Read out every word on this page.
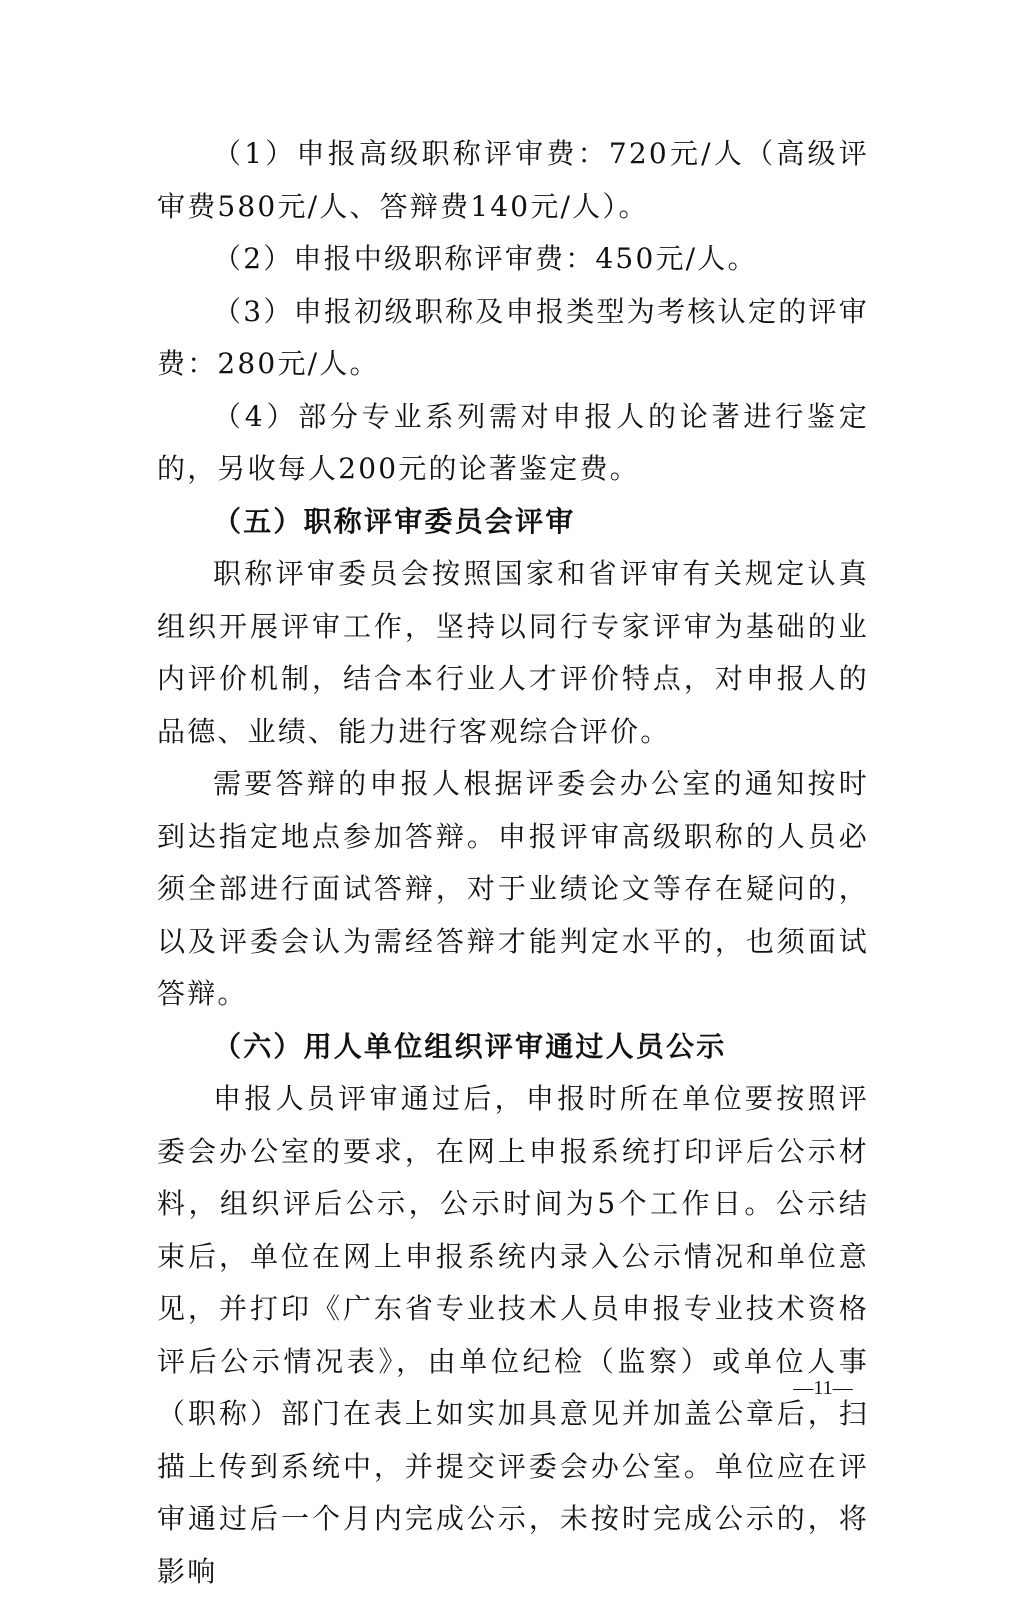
（1）申报高级职称评审费：720元/人（高级评审费580元/人、答辩费140元/人）。

（2）申报中级职称评审费：450元/人。

（3）申报初级职称及申报类型为考核认定的评审费：280元/人。

（4）部分专业系列需对申报人的论著进行鉴定的，另收每人200元的论著鉴定费。

（五）职称评审委员会评审

职称评审委员会按照国家和省评审有关规定认真组织开展评审工作，坚持以同行专家评审为基础的业内评价机制，结合本行业人才评价特点，对申报人的品德、业绩、能力进行客观综合评价。

需要答辩的申报人根据评委会办公室的通知按时到达指定地点参加答辩。申报评审高级职称的人员必须全部进行面试答辩，对于业绩论文等存在疑问的，以及评委会认为需经答辩才能判定水平的，也须面试答辩。

（六）用人单位组织评审通过人员公示

申报人员评审通过后，申报时所在单位要按照评委会办公室的要求，在网上申报系统打印评后公示材料，组织评后公示，公示时间为5个工作日。公示结束后，单位在网上申报系统内录入公示情况和单位意见，并打印《广东省专业技术人员申报专业技术资格评后公示情况表》，由单位纪检（监察）或单位人事（职称）部门在表上如实加具意见并加盖公章后，扫描上传到系统中，并提交评委会办公室。单位应在评审通过后一个月内完成公示，未按时完成公示的，将影响

—11—
